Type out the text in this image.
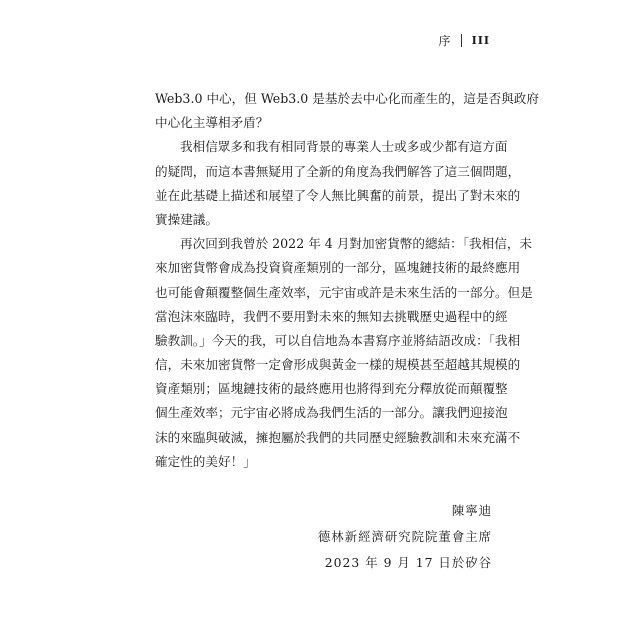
序 III
Web3.0 中心，但 Web3.0 是基於去中心化而產生的，這是否與政府
中心化主導相矛盾？
我相信眾多和我有相同背景的專業人士或多或少都有這方面
的疑問，而這本書無疑用了全新的角度為我們解答了這三個問題，
並在此基礎上描述和展望了令人無比興奮的前景，提出了對未來的
實操建議。
再次回到我曾於 2022 年 4 月對加密貨幣的總結：「我相信，未
來加密貨幣會成為投資資產類別的一部分，區塊鏈技術的最終應用
也可能會顛覆整個生產效率，元宇宙或許是未來生活的一部分。但是
當泡沫來臨時，我們不要用對未來的無知去挑戰歷史過程中的經
驗教訓。」今天的我，可以自信地為本書寫序並將結語改成：「我相
信，未來加密貨幣一定會形成與黃金一樣的規模甚至超越其規模的
資產類別；區塊鏈技術的最終應用也將得到充分釋放從而顛覆整
個生產效率；元宇宙必將成為我們生活的一部分。讓我們迎接泡
沫的來臨與破滅，擁抱屬於我們的共同歷史經驗教訓和未來充滿不
確定性的美好！」
陳寧迪
德林新經濟研究院院董會主席
2023 年 9 月 17 日於矽谷
